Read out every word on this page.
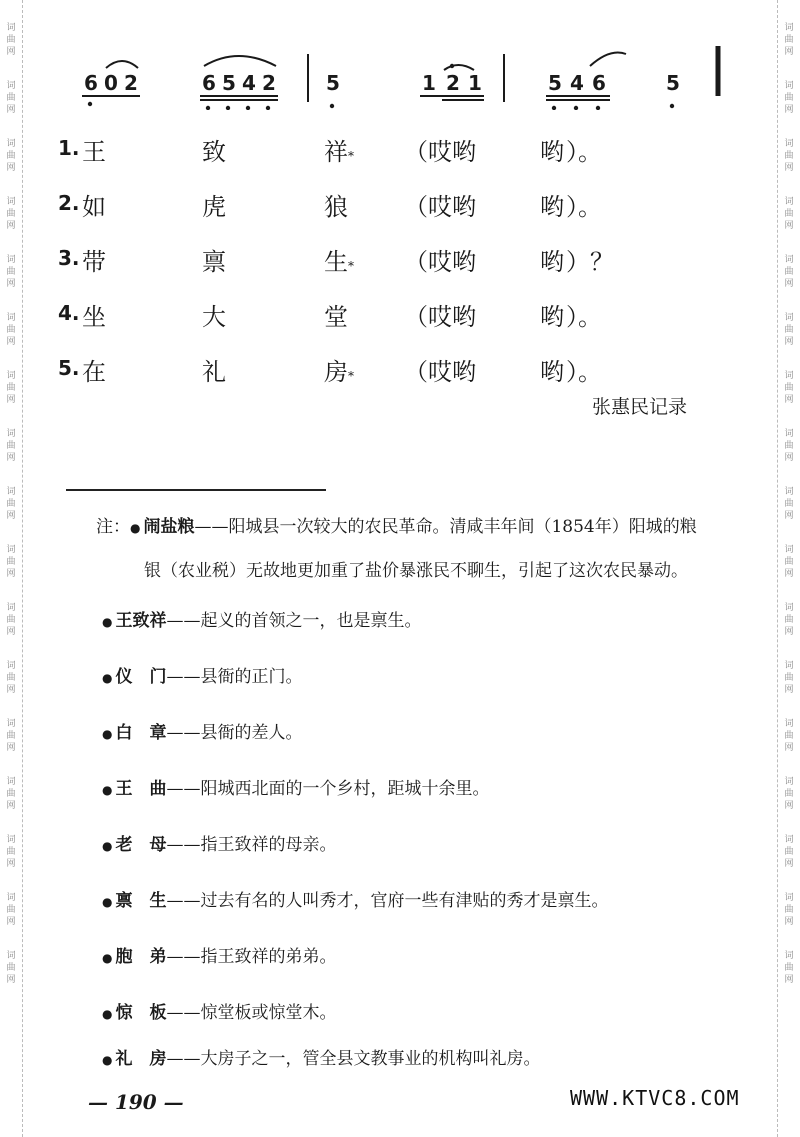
词
曲
网
词
曲
网
词
曲
网
词
曲
网
词
曲
网
词
曲
网
词
曲
网
词
曲
网
词
曲
网
词
曲
网
词
曲
网
词
曲
网
词
曲
网
词
曲
网
词
曲
网
词
曲
网
词
曲
网
词
曲
网
词
曲
网
词
曲
网
词
曲
网
词
曲
网
词
曲
网
词
曲
网
词
曲
网
词
曲
网
词
曲
网
词
曲
网
词
曲
网
词
曲
网
词
曲
网
词
曲
网
词
曲
网
词
曲
网
6 0 2	6 5 4 2	5	1 2 1	5 4 6	5
1. 王	致	祥* （哎哟	哟 ）。
2. 如	虎	狼 （哎哟	哟 ）。
3. 带	禀	生* （哎哟	哟 ）？
4. 坐	大	堂 （哎哟	哟 ）。
5. 在	礼	房* （哎哟	哟 ）。
张惠民记录
注：● 闹盐粮——阳城县一次较大的农民革命。清咸丰年间（1854年）阳城的粮
银（农业税）无故地更加重了盐价暴涨民不聊生，引起了这次农民暴动。
● 王致祥——起义的首领之一，也是禀生。
● 仪　门——县衙的正门。
● 白　章——县衙的差人。
● 王　曲——阳城西北面的一个乡村，距城十余里。
● 老　母——指王致祥的母亲。
● 禀　生——过去有名的人叫秀才，官府一些有津贴的秀才是禀生。
● 胞　弟——指王致祥的弟弟。
● 惊　板——惊堂板或惊堂木。
● 礼　房——大房子之一，管全县文教事业的机构叫礼房。
— 190 —	WWW.KTVC8.COM
